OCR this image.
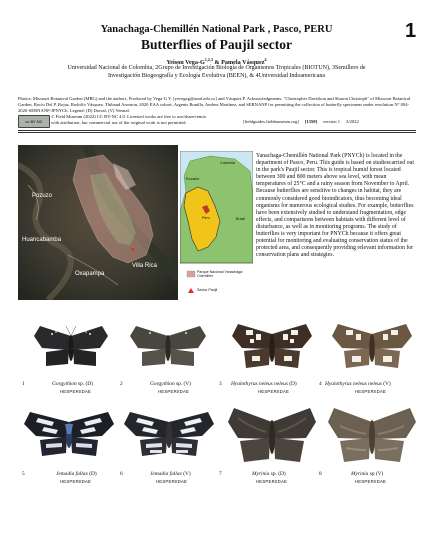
1
Yanachaga-Chemillén National Park , Pasco, PERU
Butterflies of Paujil sector
Yeison Vega-$G^{1,2,3}$ & Pamela Vásquez$^4$
Universidad Nacional de Colombia, 2Grupo de Investigación Biología de Organismos Tropicales (BIOTUN), 3Semillero de
Investigación Biogeografía y Ecología Evolutiva (BEEN), & 4Universidad Indoamericana
Photos: Missouri Botanical Garden (MBG) and the authors. Produced by Vega-G Y. [yevegag@unal.edu.co] and Vásquez P. Acknowledgments: "Christopher Davidson and Sharon Christoph" of Missouri Botanical Garden, Rocío Del P. Rojas, Rodolfo Vásquez, Thibaud Aronson, 2020 EAA cohort, Argenis Bonilla, Andrea Martínez, and SERNANP for permitting the collection of butterfly specimens under resolution N° 004-2020-SERNANP-JPNYCh. Legend: (D) Dorsal, (V) Ventral.
cc BY NC
© Field Museum (2022) CC BY-NC 4.0. Licensed works are free to use/share/remix
with attribution, but commercial use of the original work is not permitted.	[fieldguides.fieldmuseum.org] [1350] version 1 3/2022
Pozuzo
Huancabamba
Oxapampa
Villa Rica
Colombia
Ecuador
Peru	Brasil
Parque Nacional Yanachaga Chemillén
Sector Paujil
Yanachaga-Chemillén National Park (PNYCh) is located in the department of Pasco, Peru. This guide is based on studiescarried out in the park's Paujil sector. This is tropical humid forest located between 300 and 800 meters above sea level, with mean temperatures of 25°C and a rainy season from November to April. Because butterflies are sensitive to changes in habitat, they are commonly considered good bioindicators, thus becoming ideal organisms for numerous ecological studies. For example, butterflies have been extensively studied to understand fragmentation, edge effects, and comparisons between habitats with different level of disturbance, as well as in monitoring programs. The study of butterflies is very important for PNYCh because it offers great potential for monitoring and evaluating conservation status of the protected area, and consequently providing relevant information for conservation plans and strategies.
1	Gorgythion sp. (D)
HESPERIIDAE
2	Gorgythion sp. (V)
HESPERIIDAE
3 Hyalothyrus neleus neleus (D)
HESPERIIDAE
4 Hyalothyrus neleus neleus (V)
HESPERIIDAE
5	Jemadia fallax (D)
HESPERIIDAE
6	Jemadia fallax (V)
HESPERIIDAE
7	Myrinia sp. (D)
HESPERIIDAE
8	Myrinia sp (V)
HESPERIIDAE
